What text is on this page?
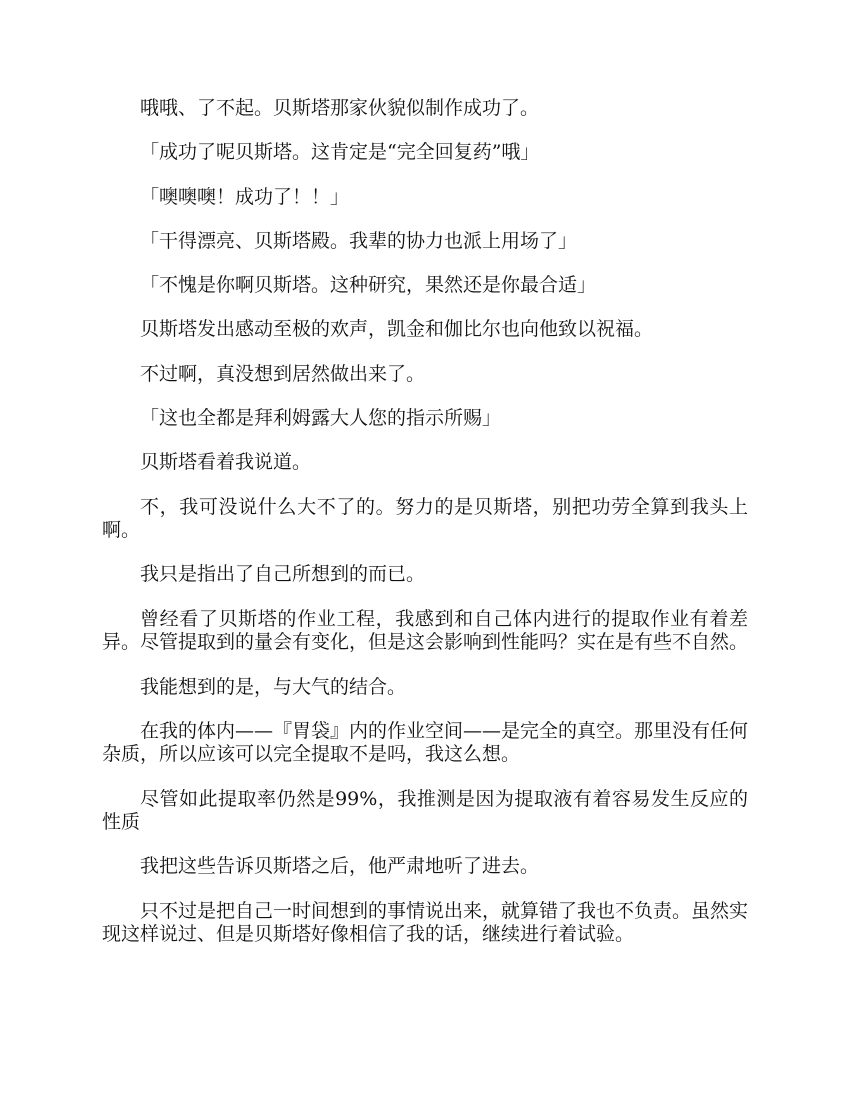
哦哦、了不起。贝斯塔那家伙貌似制作成功了。

「成功了呢贝斯塔。这肯定是“完全回复药”哦」

「噢噢噢！成功了！！」

「干得漂亮、贝斯塔殿。我辈的协力也派上用场了」

「不愧是你啊贝斯塔。这种研究，果然还是你最合适」

贝斯塔发出感动至极的欢声，凯金和伽比尔也向他致以祝福。

不过啊，真没想到居然做出来了。

「这也全都是拜利姆露大人您的指示所赐」

贝斯塔看着我说道。

不，我可没说什么大不了的。努力的是贝斯塔，别把功劳全算到我头上啊。

我只是指出了自己所想到的而已。

曾经看了贝斯塔的作业工程，我感到和自己体内进行的提取作业有着差异。尽管提取到的量会有变化，但是这会影响到性能吗？实在是有些不自然。

我能想到的是，与大气的结合。

在我的体内——『胃袋』内的作业空间——是完全的真空。那里没有任何杂质，所以应该可以完全提取不是吗，我这么想。

尽管如此提取率仍然是99%，我推测是因为提取液有着容易发生反应的性质

我把这些告诉贝斯塔之后，他严肃地听了进去。

只不过是把自己一时间想到的事情说出来，就算错了我也不负责。虽然实现这样说过、但是贝斯塔好像相信了我的话，继续进行着试验。
